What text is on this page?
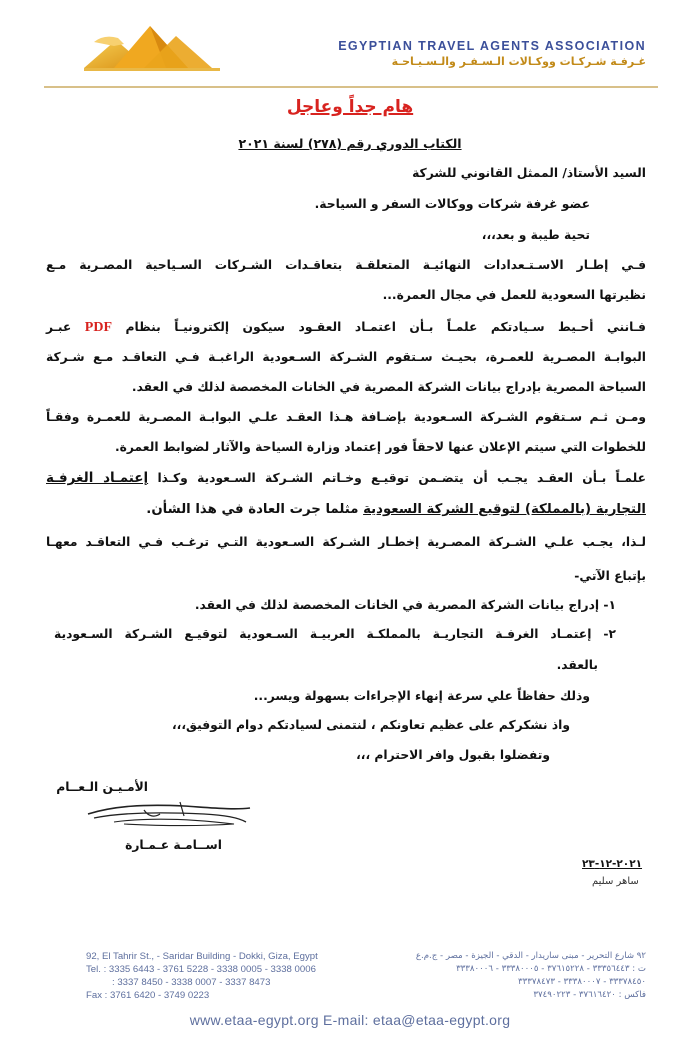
EGYPTIAN TRAVEL AGENTS ASSOCIATION
غـرفـة شـركـات ووكـالات الـسـفـر والـسـيـاحـة
هام جداً وعاجل
الكتاب الدوري رقم (٢٧٨) لسنة ٢٠٢١
السيد الأستاذ/ الممثل القانوني للشركة
عضو غرفة شركات ووكالات السفر و السياحة.
تحية طيبة و بعد،،،
فـي إطـار الاسـتـعدادات النهائيـة المتعلقـة بتعاقـدات الشـركات السـياحية المصـرية مـع
نظيرتها السعودية للعمل في مجال العمرة...
فـانني أحـيط سـيادتكم علمـاً بـأن اعتمـاد العقـود سيكون إلكترونيـاً بنظام PDF عبـر
البوابـة المصـرية للعمـرة، بحيـث سـتقوم الشـركة السـعودية الراغبـة فـي التعاقـد مـع شـركة
السياحة المصرية بإدراج بيانات الشركة المصرية في الخانات المخصصة لذلك في العقد.
ومـن ثـم سـتقوم الشـركة السـعودية بإضـافة هـذا العقـد علـي البوابـة المصـرية للعمـرة وفقـاً
للخطوات التي سيتم الإعلان عنها لاحقاً فور إعتماد وزارة السياحة والآثار لضوابط العمرة.
علمـاً بـأن العقـد يجـب أن يتضـمن توقيـع وخـاتم الشـركة السـعودية وكـذا إعتمـاد الغرفـة
التجارية (بالمملكة) لتوقيع الشركة السعودية مثلما جرت العادة في هذا الشأن.
لـذا، يجـب علـي الشـركة المصـرية إخطـار الشـركة السـعودية التـي ترغـب فـي التعاقـد معهـا
بإتباع الآتي-
١- إدراج بيانات الشركة المصرية في الخانات المخصصة لذلك في العقد.
٢- إعتمـاد الغرفـة التجاريـة بالمملكـة العربيـة السـعودية لتوقيـع الشـركة السـعودية
بالعقد.
وذلك حفاظاً علي سرعة إنهاء الإجراءات بسهولة ويسر...
واذ نشكركم على عظيم تعاونكم ، لنتمنى لسيادتكم دوام التوفيق،،،
وتفضلوا بقبول وافر الاحترام ،،،
الأمـيـن الـعــام
اســامـة عـمـارة
٢٠٢١-١٢-٢٣
ساهر سليم
92, El Tahrir St., - Saridar Building - Dokki, Giza, Egypt
Tel. : 3335 6443 - 3761 5228 - 3338 0005 - 3338 0006
: 3337 8450 - 3338 0007 - 3337 8473
Fax : 3761 6420 - 3749 0223
٩٢ شارع التحرير - مبنى ساريدار - الدقي - الجيزة - مصر - ج.م.ع
ت : ٣٣٣٥٦٤٤٣ - ٣٧٦١٥٢٢٨ - ٣٣٣٨٠٠٠٥ - ٣٣٣٨٠٠٠٦
٣٣٣٧٨٤٥٠ - ٣٣٣٨٠٠٠٧ - ٣٣٣٧٨٤٧٣
فاكس : ٣٧٦١٦٤٢٠ - ٣٧٤٩٠٢٢٣
www.etaa-egypt.org E-mail: etaa@etaa-egypt.org
